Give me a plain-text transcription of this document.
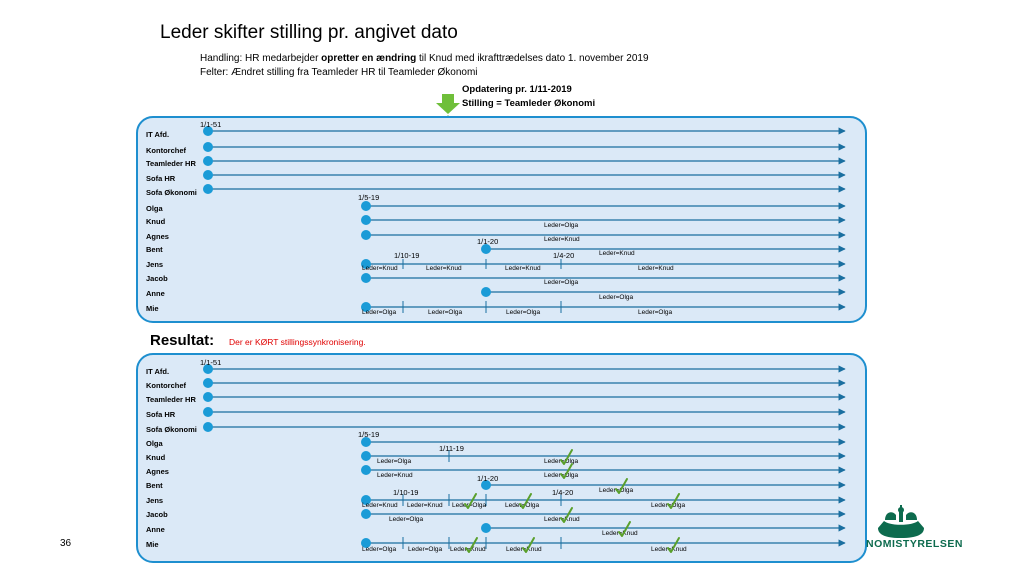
Leder skifter stilling pr. angivet dato
Handling: HR medarbejder opretter en ændring til Knud med ikrafttrædelses dato 1. november 2019
Felter: Ændret stilling fra Teamleder HR til Teamleder Økonomi
Opdatering pr. 1/11-2019
Stilling = Teamleder Økonomi
IT Afd.
Kontorchef
Teamleder HR
Sofa HR
Sofa Økonomi
Olga
Knud
Agnes
Bent
Jens
Jacob
Anne
Mie
1/1-51
1/5-19
1/1-20
1/10-19	1/4-20
Leder=Olga
Leder=Knud
Leder=Knud
Leder=Knud	Leder=Knud	Leder=Knud	Leder=Knud
Leder=Olga
Leder=Olga
Leder=Olga	Leder=Olga	Leder=Olga	Leder=Olga
IT Afd.
Kontorchef
Teamleder HR
Sofa HR
Sofa Økonomi
Olga
Knud
Agnes
Bent
Jens
Jacob
Anne
Mie
1/1-51
1/5-19
1/11-19
1/1-20
1/10-19	1/4-20
Leder=Olga	Leder=Olga
Leder=Knud	Leder=Olga
Leder=Olga
Leder=Knud Leder=Knud Leder=Olga	Leder=Olga	Leder=Olga
Leder=Olga	Leder=Knud
Leder=Knud
Leder=Olga Leder=Olga Leder=Knud	Leder=Knud	Leder=Knud
Resultat: Der er KØRT stillingssynkronisering.
36	NOMISTYRELSEN
